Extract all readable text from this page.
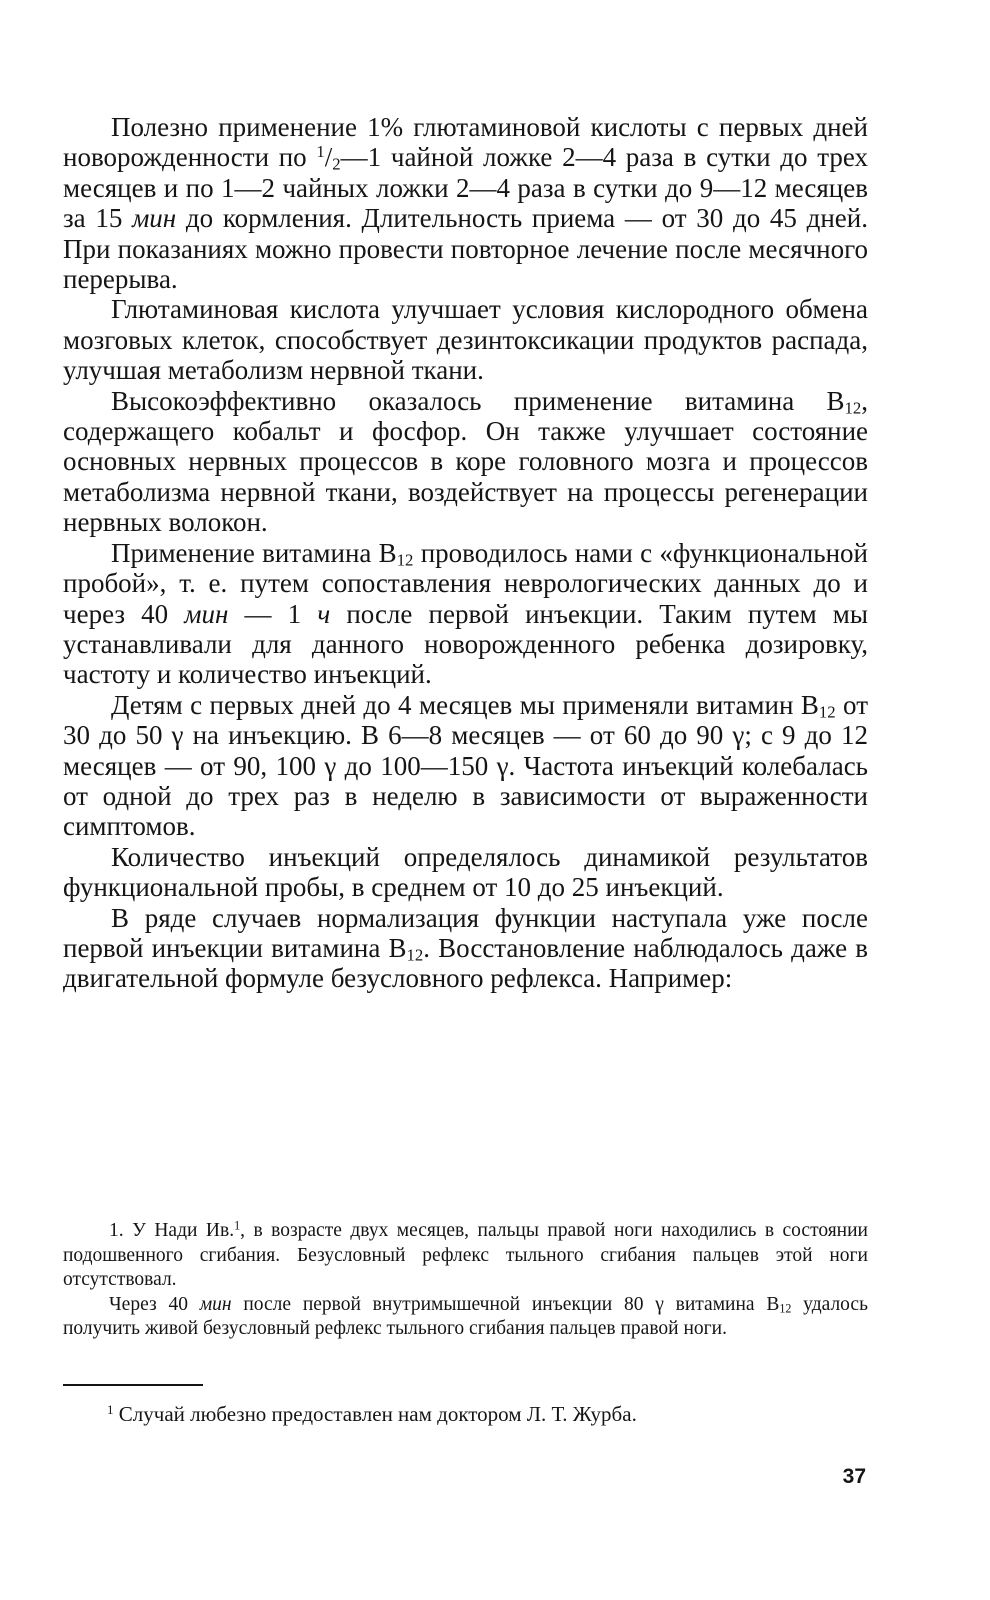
Полезно применение 1% глютаминовой кислоты с первых дней новорожденности по $^1/_2—1$ чайной ложке 2—4 раза в сутки до трех месяцев и по 1—2 чайных ложки 2—4 раза в сутки до 9—12 месяцев за 15 мин до кормления. Длительность приема — от 30 до 45 дней. При показаниях можно провести повторное лечение после месячного перерыва.

Глютаминовая кислота улучшает условия кислородного обмена мозговых клеток, способствует дезинтоксикации продуктов распада, улучшая метаболизм нервной ткани.

Высокоэффективно оказалось применение витамина $B_{12}$, содержащего кобальт и фосфор. Он также улучшает состояние основных нервных процессов в коре головного мозга и процессов метаболизма нервной ткани, воздействует на процессы регенерации нервных волокон.

Применение витамина $B_{12}$ проводилось нами с «функциональной пробой», т. е. путем сопоставления неврологических данных до и через 40 мин — 1 ч после первой инъекции. Таким путем мы устанавливали для данного новорожденного ребенка дозировку, частоту и количество инъекций.

Детям с первых дней до 4 месяцев мы применяли витамин $B_{12}$ от 30 до 50 γ на инъекцию. В 6—8 месяцев — от 60 до 90 γ; с 9 до 12 месяцев — от 90, 100 γ до 100—150 γ. Частота инъекций колебалась от одной до трех раз в неделю в зависимости от выраженности симптомов.

Количество инъекций определялось динамикой результатов функциональной пробы, в среднем от 10 до 25 инъекций.

В ряде случаев нормализация функции наступала уже после первой инъекции витамина $B_{12}$. Восстановление наблюдалось даже в двигательной формуле безусловного рефлекса. Например:

1. У Нади Ив.$^1$, в возрасте двух месяцев, пальцы правой ноги находились в состоянии подошвенного сгибания. Безусловный рефлекс тыльного сгибания пальцев этой ноги отсутствовал.

Через 40 мин после первой внутримышечной инъекции 80 γ витамина $B_{12}$ удалось получить живой безусловный рефлекс тыльного сгибания пальцев правой ноги.

$^1$ Случай любезно предоставлен нам доктором Л. Т. Журба.

37
